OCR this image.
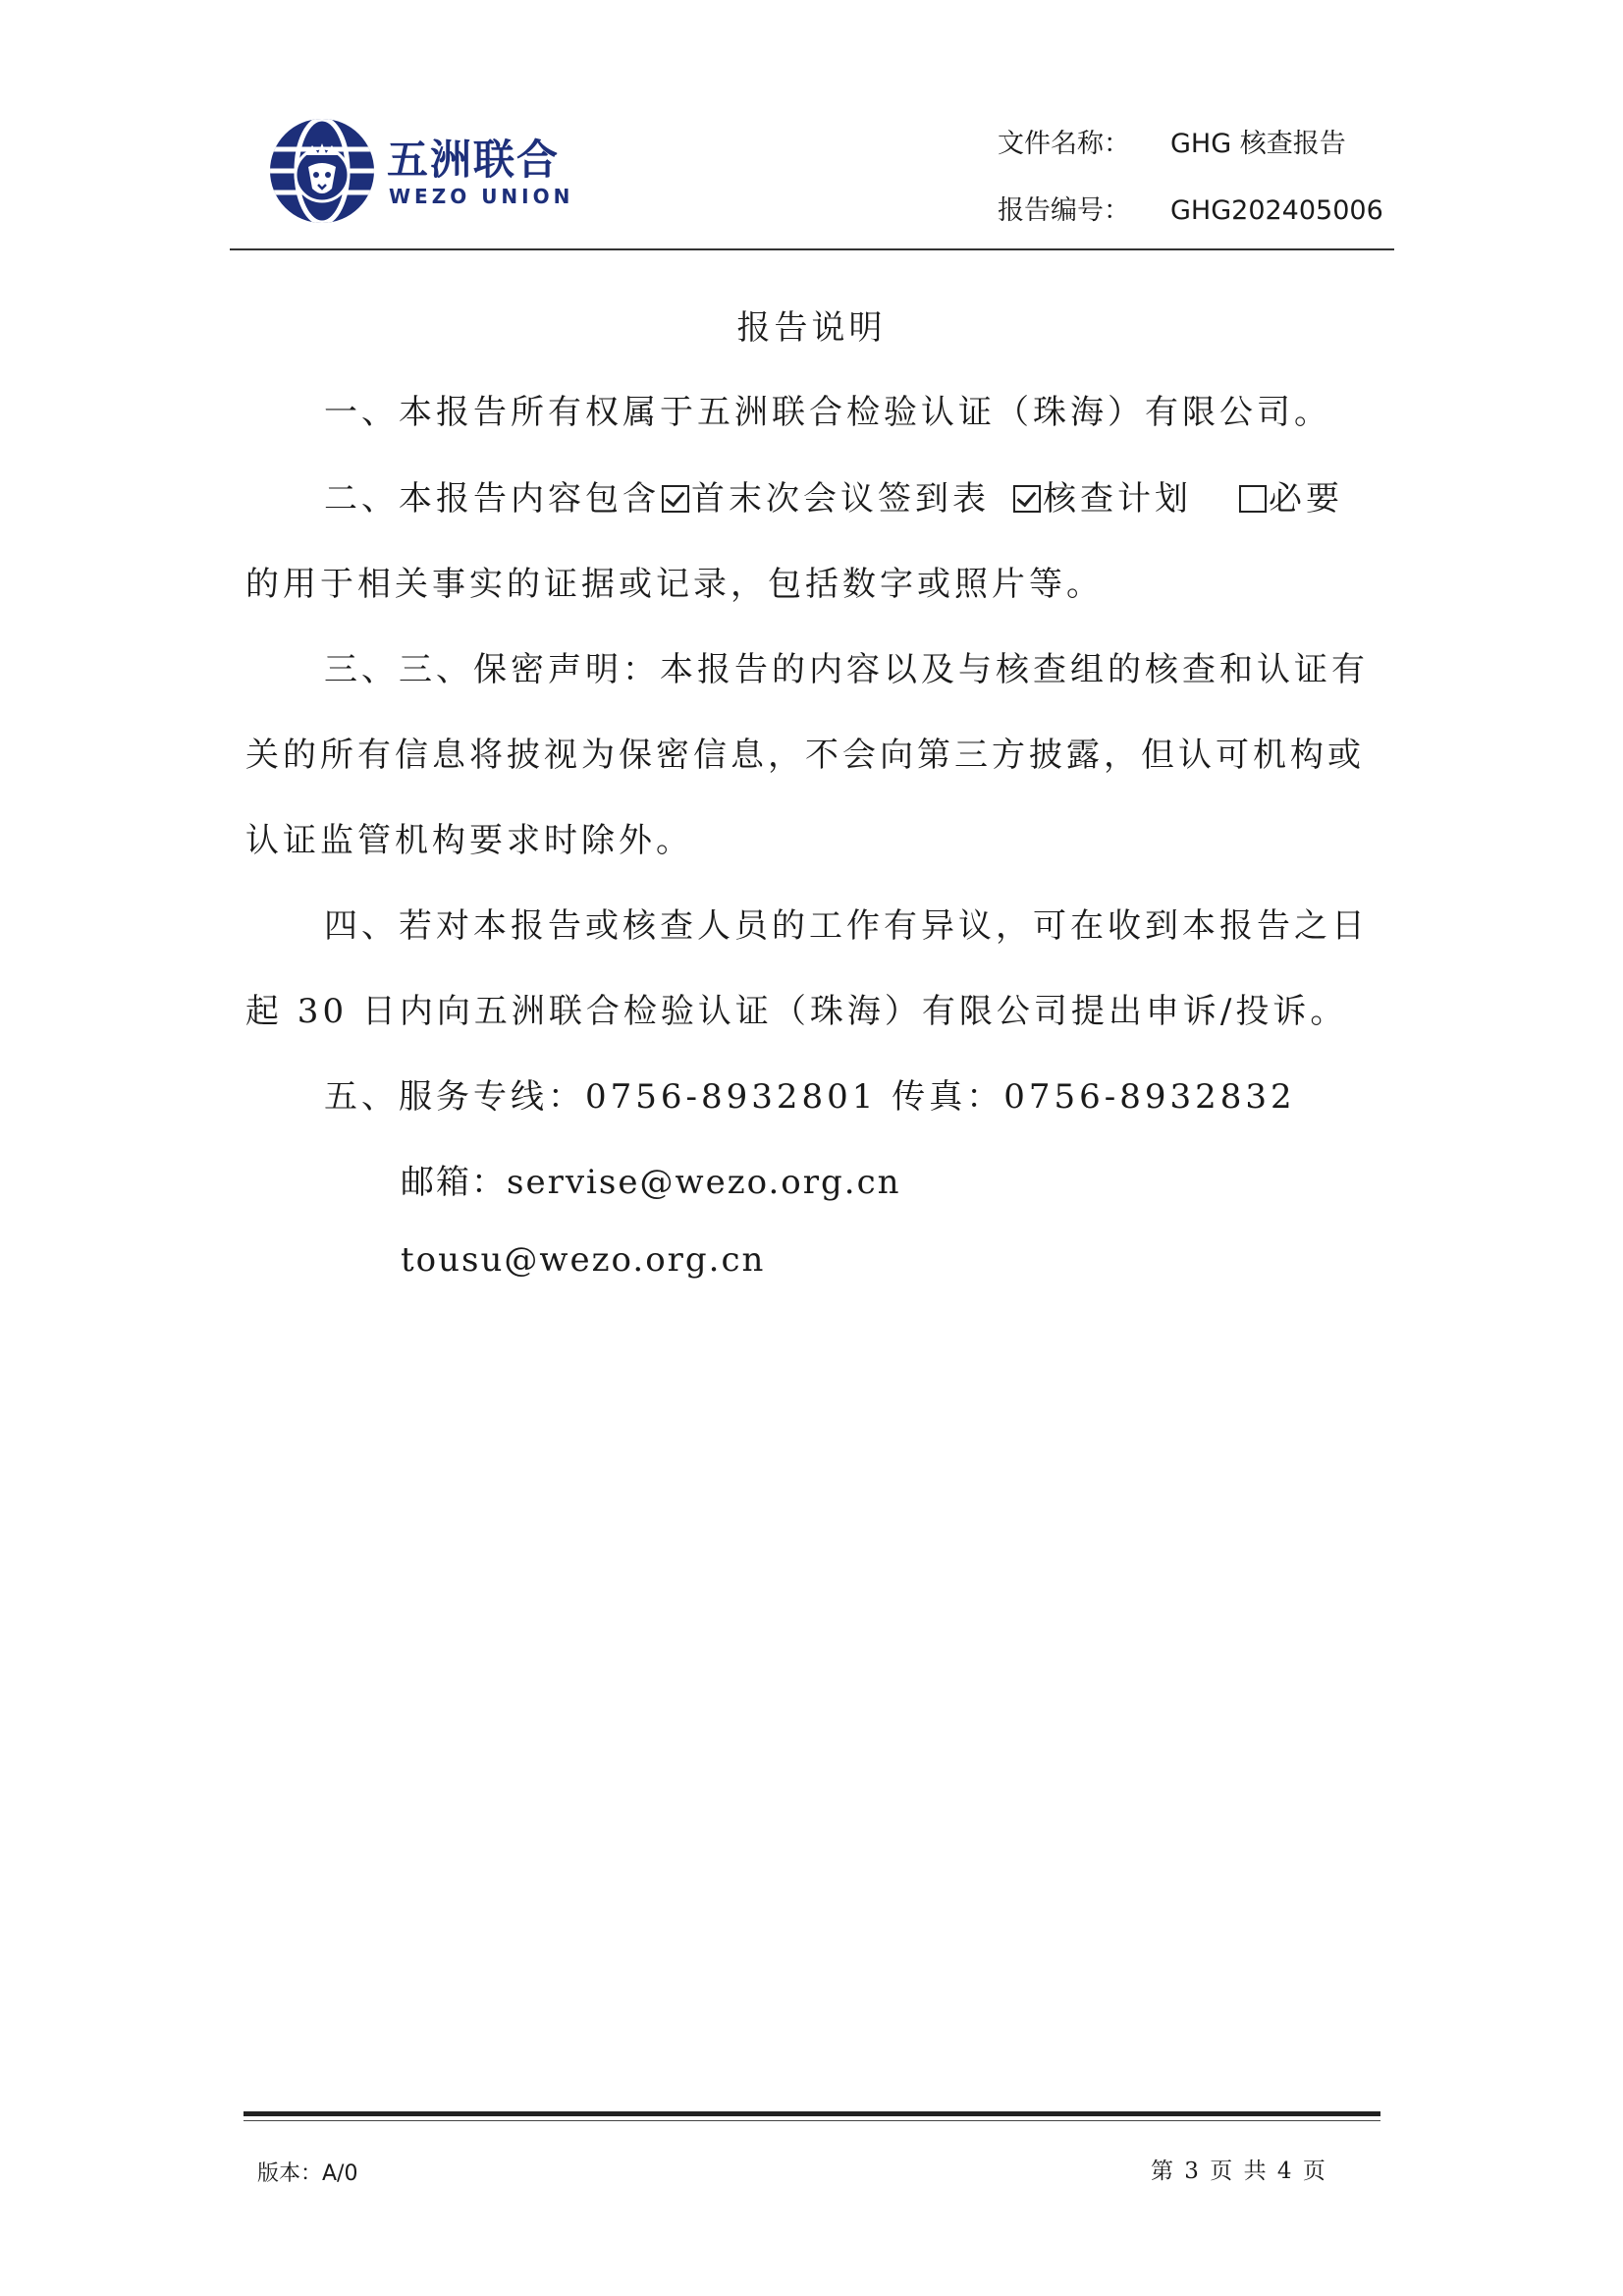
五洲联合
WEZO UNION
文件名称： GHG 核查报告
报告编号： GHG202405006
报告说明
一、本报告所有权属于五洲联合检验认证（珠海）有限公司。
二、本报告内容包含 首末次会议签到表 核查计划 必要
的用于相关事实的证据或记录，包括数字或照片等。
三、三、保密声明：本报告的内容以及与核查组的核查和认证有
关的所有信息将披视为保密信息，不会向第三方披露，但认可机构或
认证监管机构要求时除外。
四、若对本报告或核查人员的工作有异议，可在收到本报告之日
起 30 日内向五洲联合检验认证（珠海）有限公司提出申诉/投诉。
五、服务专线：0756-8932801 传真：0756-8932832
邮箱：servise@wezo.org.cn
tousu@wezo.org.cn
版本：A/0	第 3 页 共 4 页
